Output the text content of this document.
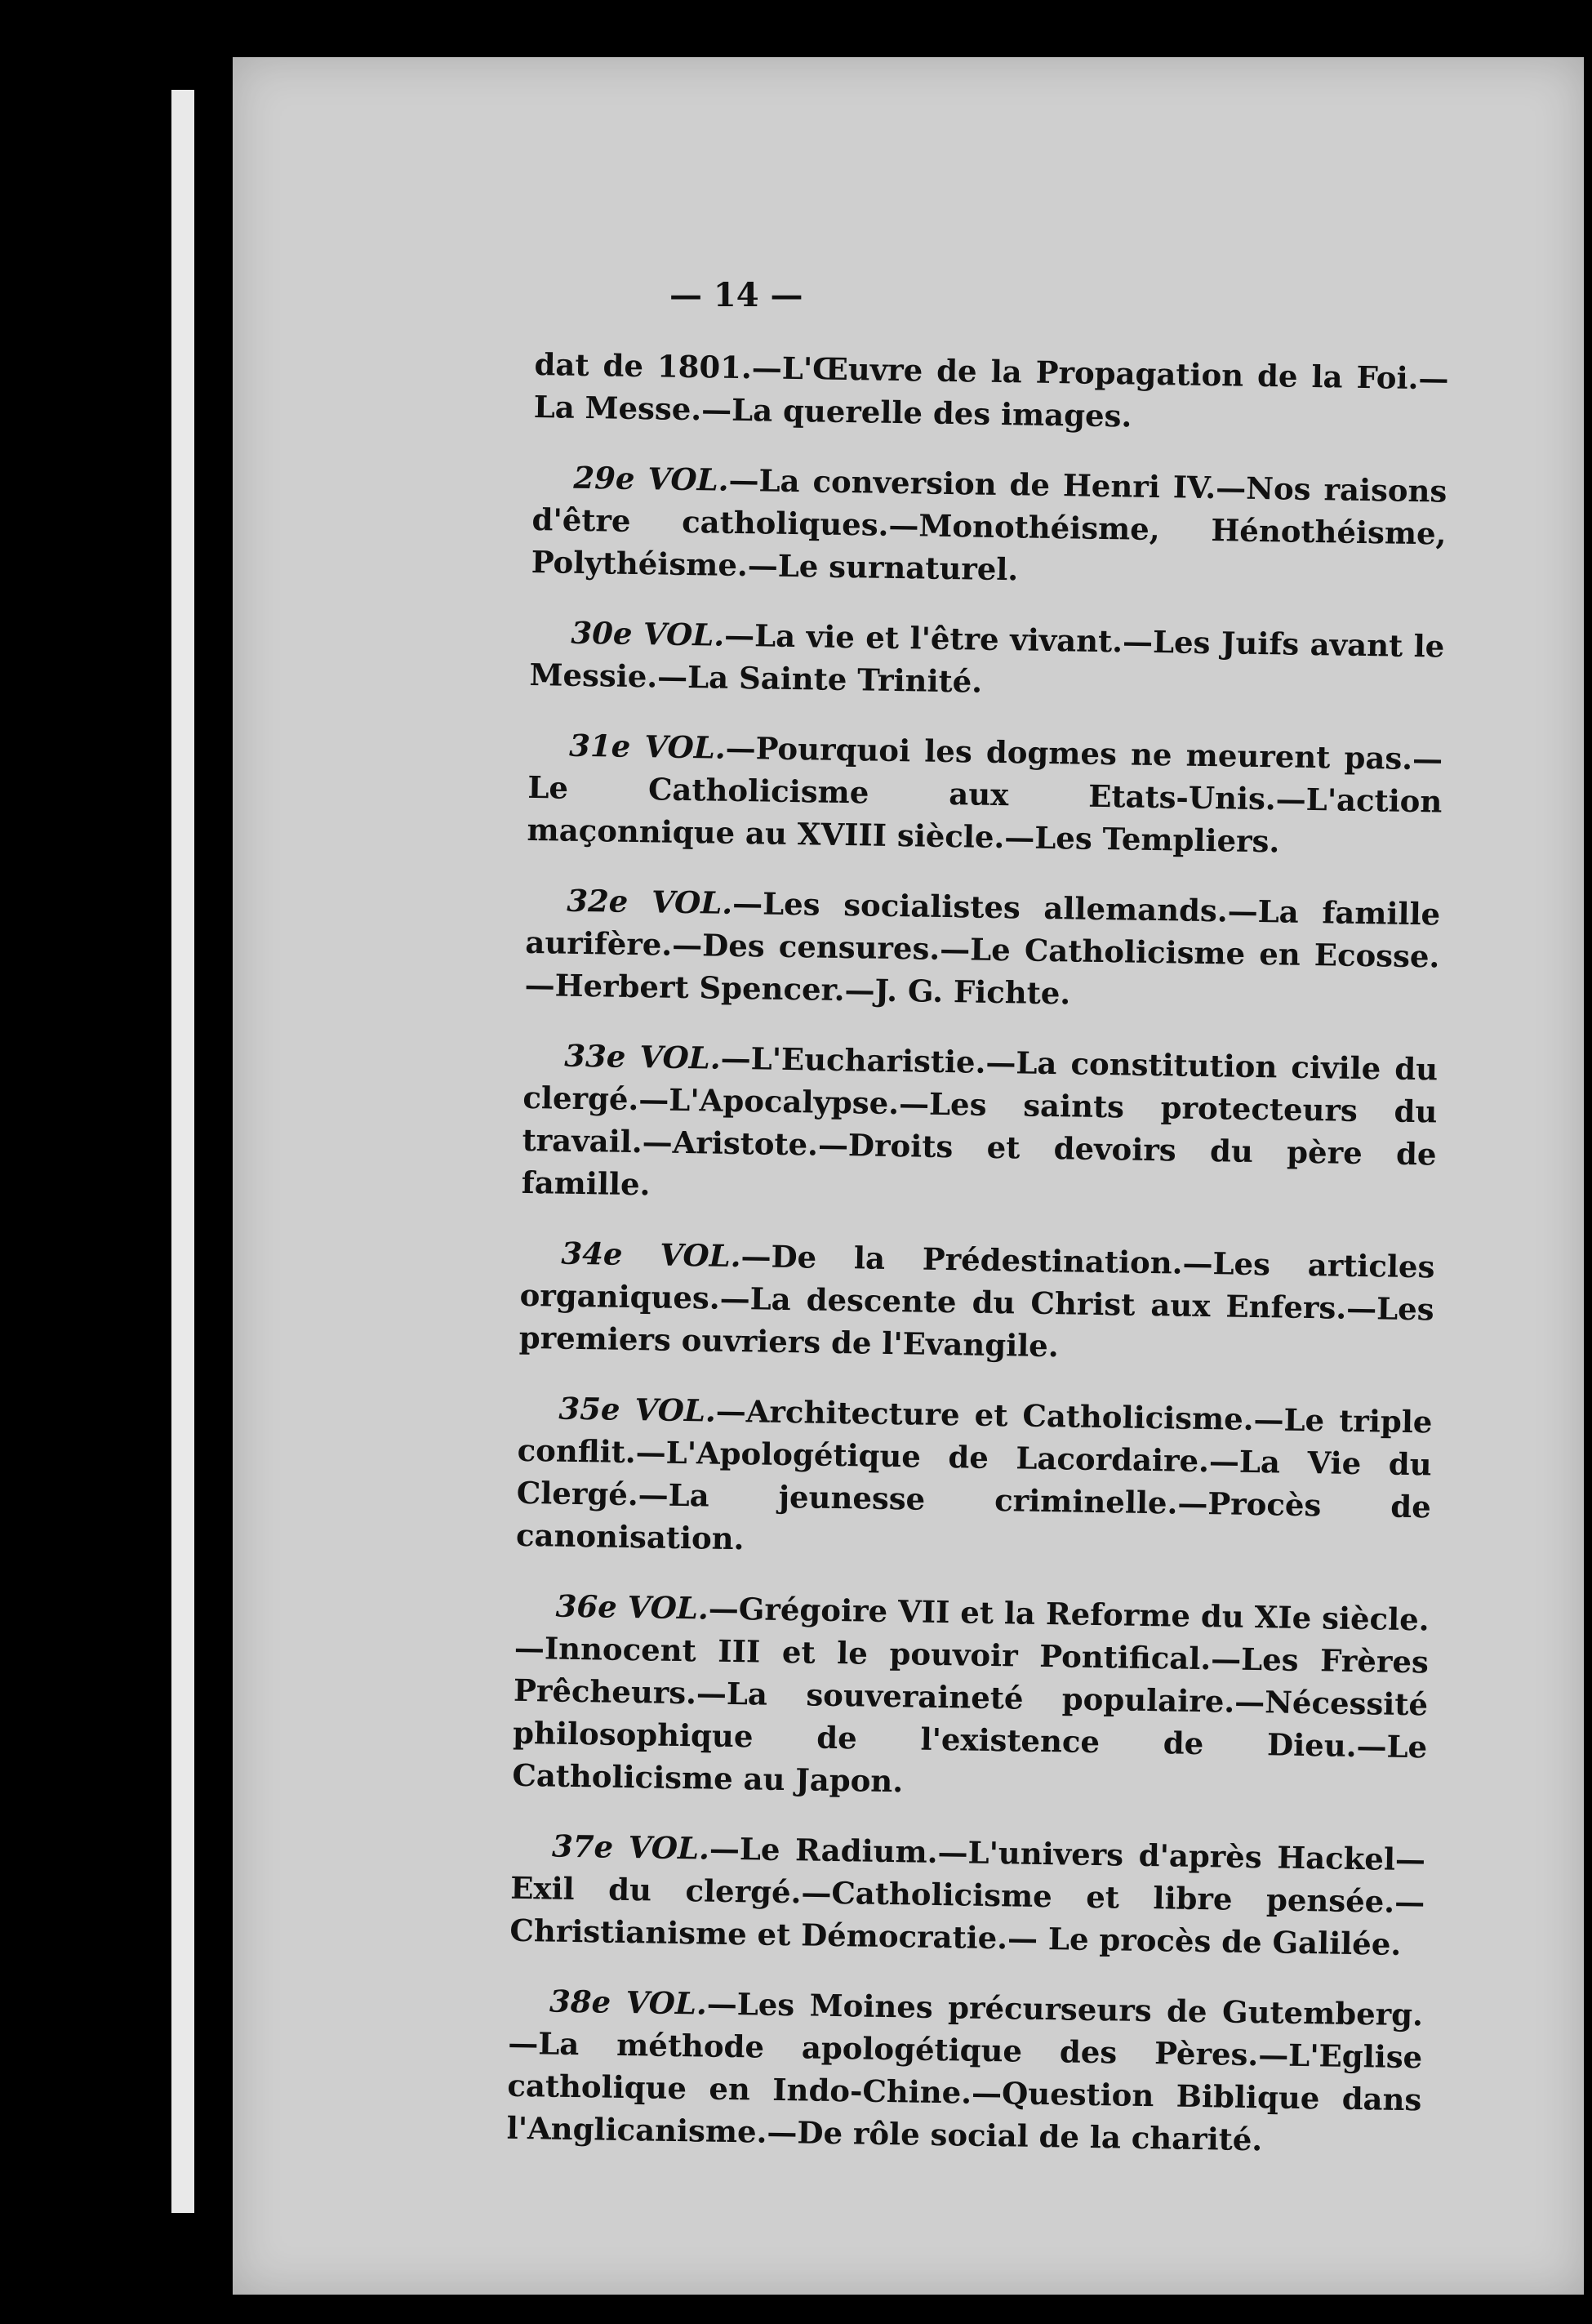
— 14 —

dat de 1801.—L'Œuvre de la Propagation de la Foi.—La Messe.—La querelle des images.

29e VOL.—La conversion de Henri IV.—Nos raisons d'être catholiques.—Monothéisme, Hénothéisme, Polythéisme.—Le surnaturel.

30e VOL.—La vie et l'être vivant.—Les Juifs avant le Messie.—La Sainte Trinité.

31e VOL.—Pourquoi les dogmes ne meurent pas.—Le Catholicisme aux Etats-Unis.—L'action maçonnique au XVIII siècle.—Les Templiers.

32e VOL.—Les socialistes allemands.—La famille aurifère.—Des censures.—Le Catholicisme en Ecosse.—Herbert Spencer.—J. G. Fichte.

33e VOL.—L'Eucharistie.—La constitution civile du clergé.—L'Apocalypse.—Les saints protecteurs du travail.—Aristote.—Droits et devoirs du père de famille.

34e VOL.—De la Prédestination.—Les articles organiques.—La descente du Christ aux Enfers.—Les premiers ouvriers de l'Evangile.

35e VOL.—Architecture et Catholicisme.—Le triple conflit.—L'Apologétique de Lacordaire.—La Vie du Clergé.—La jeunesse criminelle.—Procès de canonisation.

36e VOL.—Grégoire VII et la Reforme du XIe siècle.—Innocent III et le pouvoir Pontifical.—Les Frères Prêcheurs.—La souveraineté populaire.—Nécessité philosophique de l'existence de Dieu.—Le Catholicisme au Japon.

37e VOL.—Le Radium.—L'univers d'après Hackel—Exil du clergé.—Catholicisme et libre pensée.—Christianisme et Démocratie.— Le procès de Galilée.

38e VOL.—Les Moines précurseurs de Gutemberg.—La méthode apologétique des Pères.—L'Eglise catholique en Indo-Chine.—Question Biblique dans l'Anglicanisme.—De rôle social de la charité.
